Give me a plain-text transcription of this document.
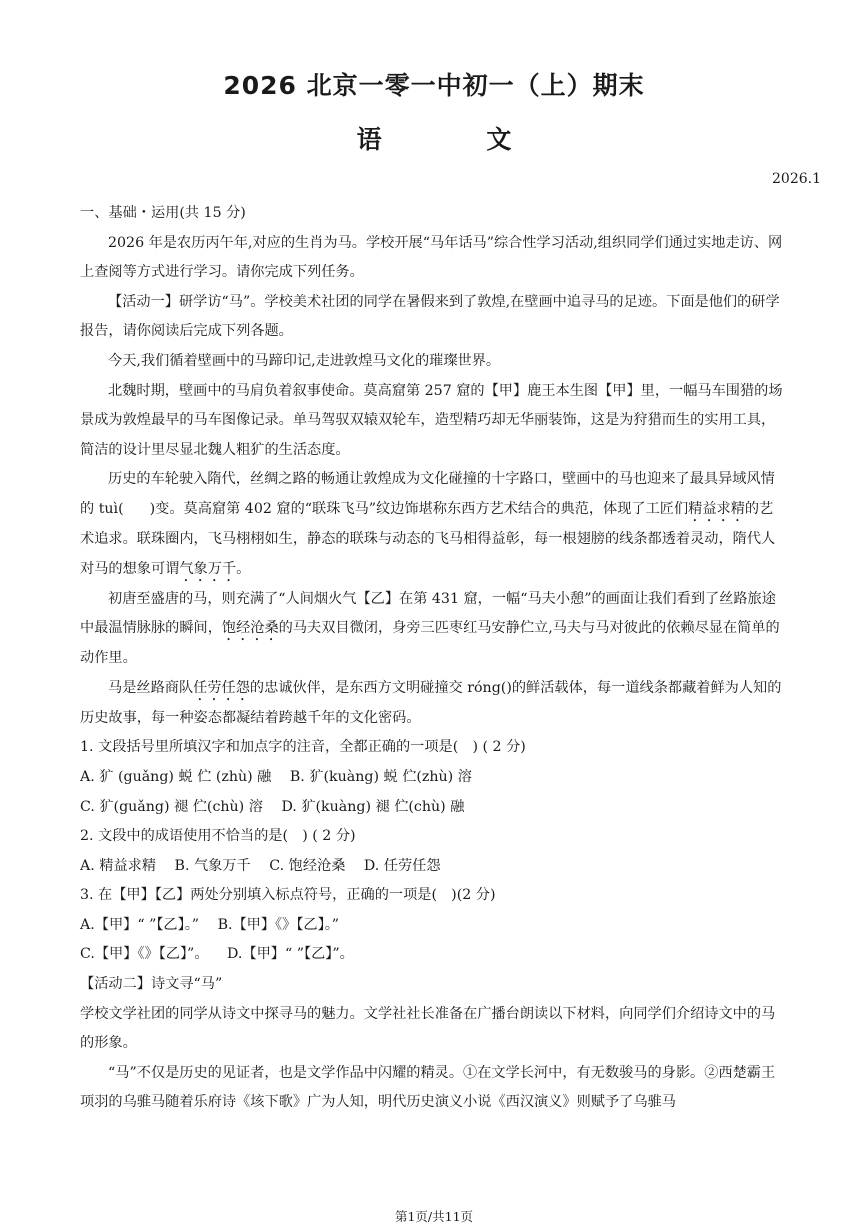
2026 北京一零一中初一（上）期末
语 文
2026.1

一、基础・运用(共 15 分)

2026 年是农历丙午年,对应的生肖为马。学校开展“马年话马”综合性学习活动,组织同学们通过实地走访、网上查阅等方式进行学习。请你完成下列任务。

【活动一】研学访“马”。学校美术社团的同学在暑假来到了敦煌,在壁画中追寻马的足迹。下面是他们的研学报告，请你阅读后完成下列各题。

今天,我们循着壁画中的马蹄印记,走进敦煌马文化的璀璨世界。

北魏时期，壁画中的马肩负着叙事使命。莫高窟第 257 窟的【甲】鹿王本生图【甲】里，一幅马车围猎的场景成为敦煌最早的马车图像记录。单马驾驭双辕双轮车，造型精巧却无华丽装饰，这是为狩猎而生的实用工具，简洁的设计里尽显北魏人粗犷的生活态度。

历史的车轮驶入隋代，丝绸之路的畅通让敦煌成为文化碰撞的十字路口，壁画中的马也迎来了最具异域风情的 tuì( )变。莫高窟第 402 窟的“联珠飞马”纹边饰堪称东西方艺术结合的典范，体现了工匠们精益求精的艺术追求。联珠圈内，飞马栩栩如生，静态的联珠与动态的飞马相得益彰，每一根翅膀的线条都透着灵动，隋代人对马的想象可谓气象万千。

初唐至盛唐的马，则充满了“人间烟火气【乙】在第 431 窟，一幅“马夫小憩”的画面让我们看到了丝路旅途中最温情脉脉的瞬间，饱经沧桑的马夫双目微闭，身旁三匹枣红马安静伫立,马夫与马对彼此的依赖尽显在简单的动作里。

马是丝路商队任劳任怨的忠诚伙伴，是东西方文明碰撞交 róng()的鲜活载体，每一道线条都藏着鲜为人知的历史故事，每一种姿态都凝结着跨越千年的文化密码。

1. 文段括号里所填汉字和加点字的注音，全都正确的一项是(　) ( 2 分)

A. 犷 (guǎng) 蜕 伫 (zhù) 融 B. 犷(kuàng) 蜕 伫(zhù) 溶

C. 犷(guǎng) 褪 伫(chù) 溶 D. 犷(kuàng) 褪 伫(chù) 融

2. 文段中的成语使用不恰当的是(　) ( 2 分)

A. 精益求精 B. 气象万千 C. 饱经沧桑 D. 任劳任怨

3. 在【甲】【乙】两处分别填入标点符号，正确的一项是(　)(2 分)

A.【甲】“ ”【乙】。” B.【甲】《》【乙】。”

C.【甲】《》【乙】”。 D.【甲】“ ”【乙】”。

【活动二】诗文寻“马”

学校文学社团的同学从诗文中探寻马的魅力。文学社社长准备在广播台朗读以下材料，向同学们介绍诗文中的马的形象。

“马”不仅是历史的见证者，也是文学作品中闪耀的精灵。①在文学长河中，有无数骏马的身影。②西楚霸王项羽的乌骓马随着乐府诗《垓下歌》广为人知，明代历史演义小说《西汉演义》则赋予了乌骓马

第1页/共11页
